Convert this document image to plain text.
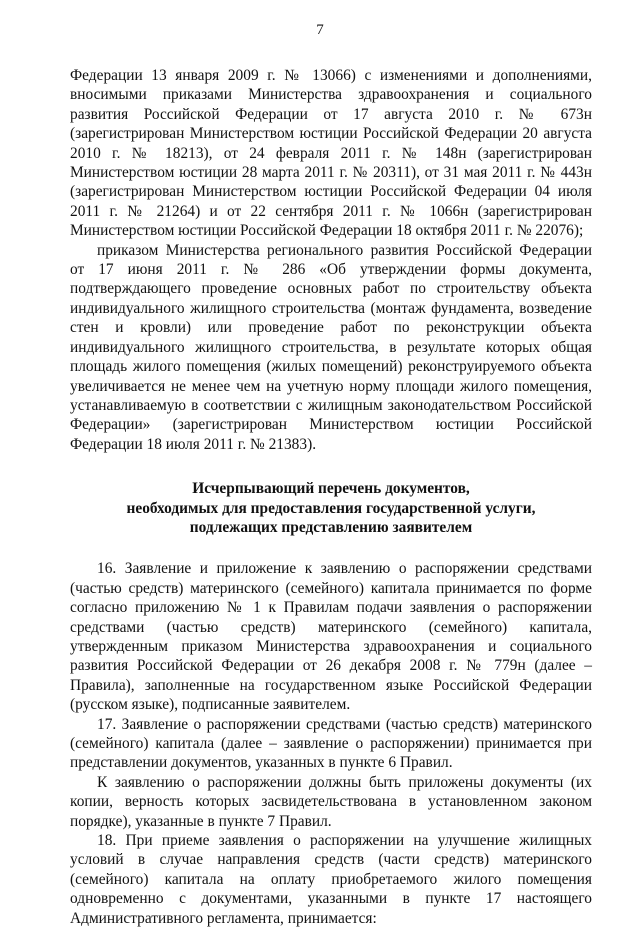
7

Федерации 13 января 2009 г. № 13066) с изменениями и дополнениями, вносимыми приказами Министерства здравоохранения и социального развития Российской Федерации от 17 августа 2010 г. № 673н (зарегистрирован Министерством юстиции Российской Федерации 20 августа 2010 г. № 18213), от 24 февраля 2011 г. № 148н (зарегистрирован Министерством юстиции 28 марта 2011 г. № 20311), от 31 мая 2011 г. № 443н (зарегистрирован Министерством юстиции Российской Федерации 04 июля 2011 г. № 21264) и от 22 сентября 2011 г. № 1066н (зарегистрирован Министерством юстиции Российской Федерации 18 октября 2011 г. № 22076);

приказом Министерства регионального развития Российской Федерации от 17 июня 2011 г. № 286 «Об утверждении формы документа, подтверждающего проведение основных работ по строительству объекта индивидуального жилищного строительства (монтаж фундамента, возведение стен и кровли) или проведение работ по реконструкции объекта индивидуального жилищного строительства, в результате которых общая площадь жилого помещения (жилых помещений) реконструируемого объекта увеличивается не менее чем на учетную норму площади жилого помещения, устанавливаемую в соответствии с жилищным законодательством Российской Федерации» (зарегистрирован Министерством юстиции Российской Федерации 18 июля 2011 г. № 21383).

Исчерпывающий перечень документов,
необходимых для предоставления государственной услуги,
подлежащих представлению заявителем

16. Заявление и приложение к заявлению о распоряжении средствами (частью средств) материнского (семейного) капитала принимается по форме согласно приложению № 1 к Правилам подачи заявления о распоряжении средствами (частью средств) материнского (семейного) капитала, утвержденным приказом Министерства здравоохранения и социального развития Российской Федерации от 26 декабря 2008 г. № 779н (далее – Правила), заполненные на государственном языке Российской Федерации (русском языке), подписанные заявителем.

17. Заявление о распоряжении средствами (частью средств) материнского (семейного) капитала (далее – заявление о распоряжении) принимается при представлении документов, указанных в пункте 6 Правил.

К заявлению о распоряжении должны быть приложены документы (их копии, верность которых засвидетельствована в установленном законом порядке), указанные в пункте 7 Правил.

18. При приеме заявления о распоряжении на улучшение жилищных условий в случае направления средств (части средств) материнского (семейного) капитала на оплату приобретаемого жилого помещения одновременно с документами, указанными в пункте 17 настоящего Административного регламента, принимается:
